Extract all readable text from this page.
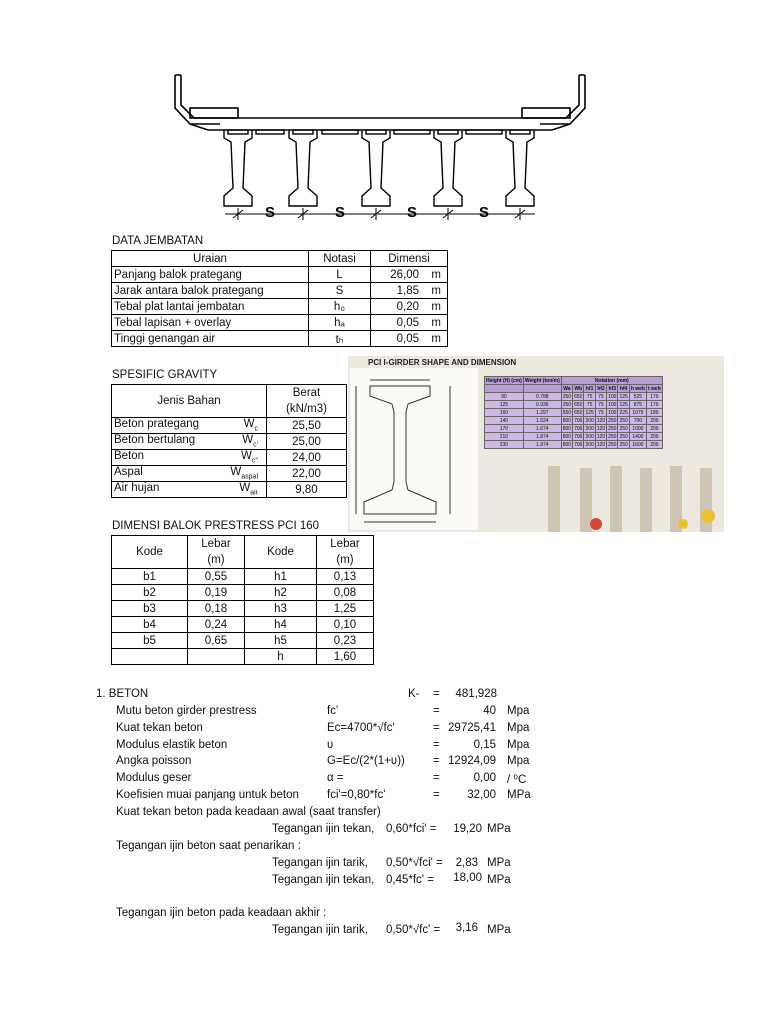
S	S	S	S
DATA JEMBATAN
Uraian	Notasi	Dimensi
Panjang balok prategang	L	26,00 m

Jarak antara balok prategang	S	1,85 m

Tebal plat lantai jembatan	h₀	0,20 m

Tebal lapisan + overlay	hₐ	0,05 m

Tinggi genangan air	tₕ	0,05 m
SPESIFIC GRAVITY
Jenis Bahan	Berat
(kN/m3)
Beton prategang $W_c$	25,50
Beton bertulang $W_{c'}$	25,00
Beton $W_{c''}$	24,00
Aspal $W_{aspal}$	22,00
Air hujan $W_{air}$	9,80
PCI I-GIRDER SHAPE AND DIMENSION
Height (H) (cm)	Weight (ton/m)	Notation (mm)							
		Wa	Wb	hf1	hf2	hf3	hf4	h web	t web
90	0.788	350	650	75	75	100	125	525	170
125	0.936	350	650	75	75	100	125	875	170
160	1.297	550	650	125	75	100	225	1075	180
140	1.524	800	700	200	120	250	250	700	200
170	1.674	800	700	200	120	250	250	1000	200
210	1.874	800	700	200	120	250	250	1400	200
230	1.974	800	700	200	120	250	250	1600	200
DIMENSI BALOK PRESTRESS PCI 160
Kode	Lebar
(m)	Kode	Lebar
(m)
b1	0,55	h1	0,13
b2	0,19	h2	0,08
b3	0,18	h3	1,25
b4	0,24	h4	0,10
b5	0,65	h5	0,23
		h	1,60
1. BETON	K- = 481,928
Mutu beton girder prestress	fc'	=	40 Mpa
Kuat tekan beton	Eс=4700*√fc'	= 29725,41 Mpa
Modulus elastik beton	ʋ	=	0,15 Mpa
Angka poisson	G=Ec/(2*(1+ʋ)) = 12924,09 Mpa
Modulus geser	α =	=	0,00 / ⁰C
Koefisien muai panjang untuk beton fci'=0,80*fc'	=	32,00 MPa
Kuat tekan beton pada keadaan awal (saat transfer)
Tegangan ijin tekan, 0,60*fci' =	19,20 MPa
Tegangan ijin beton saat penarikan :
Tegangan ijin tarik, 0,50*√fci' =	2,83 MPa
Tegangan ijin tekan, 0,45*fc' =	18,00 MPa
Tegangan ijin beton pada keadaan akhir :
Tegangan ijin tarik, 0,50*√fc' =	3,16 MPa
